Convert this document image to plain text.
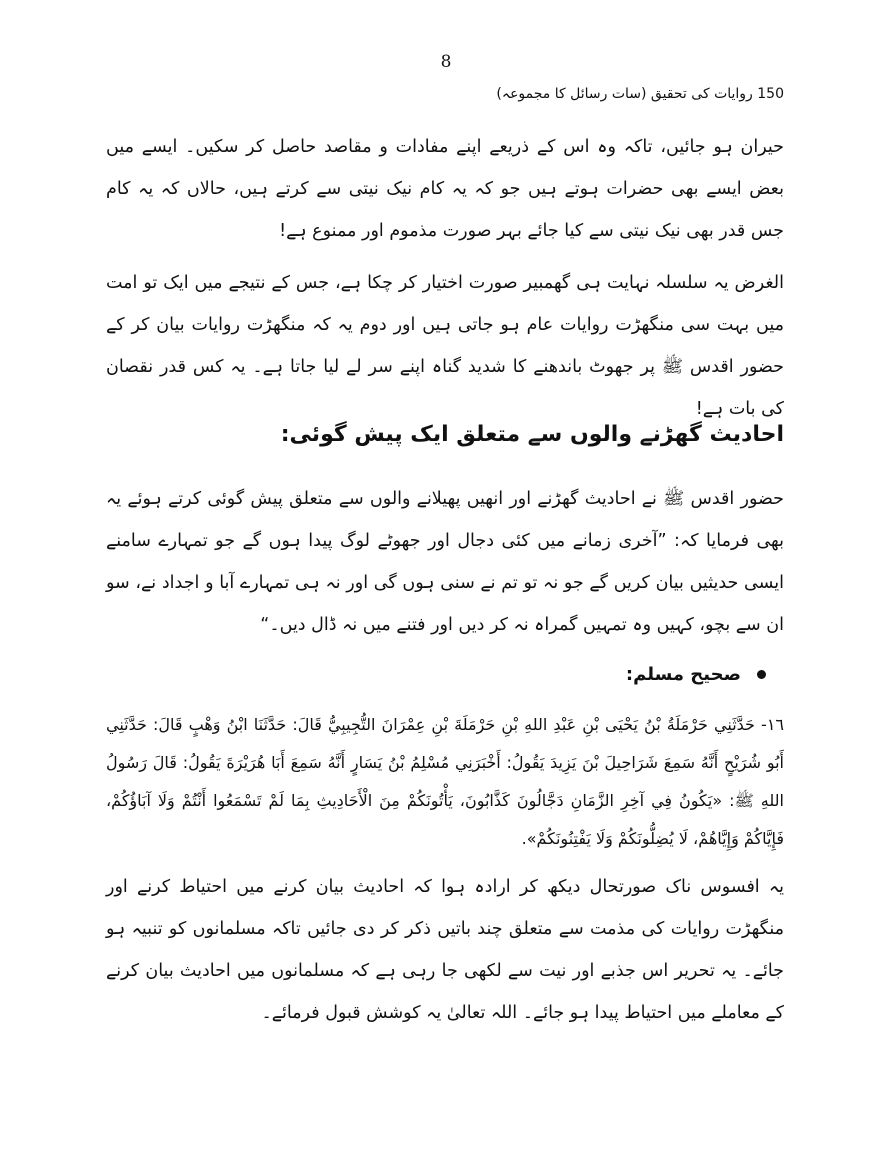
8
150 روایات کی تحقیق (سات رسائل کا مجموعہ)

حیران ہو جائیں، تاکہ وہ اس کے ذریعے اپنے مفادات و مقاصد حاصل کر سکیں۔ ایسے میں بعض ایسے بھی حضرات ہوتے ہیں جو کہ یہ کام نیک نیتی سے کرتے ہیں، حالاں کہ یہ کام جس قدر بھی نیک نیتی سے کیا جائے بہر صورت مذموم اور ممنوع ہے!

الغرض یہ سلسلہ نہایت ہی گھمبیر صورت اختیار کر چکا ہے، جس کے نتیجے میں ایک تو امت میں بہت سی منگھڑت روایات عام ہو جاتی ہیں اور دوم یہ کہ منگھڑت روایات بیان کر کے حضور اقدس ﷺ پر جھوٹ باندھنے کا شدید گناہ اپنے سر لے لیا جاتا ہے۔ یہ کس قدر نقصان کی بات ہے!

احادیث گھڑنے والوں سے متعلق ایک پیش گوئی:

حضور اقدس ﷺ نے احادیث گھڑنے اور انھیں پھیلانے والوں سے متعلق پیش گوئی کرتے ہوئے یہ بھی فرمایا کہ: ”آخری زمانے میں کئی دجال اور جھوٹے لوگ پیدا ہوں گے جو تمہارے سامنے ایسی حدیثیں بیان کریں گے جو نہ تو تم نے سنی ہوں گی اور نہ ہی تمہارے آبا و اجداد نے، سو ان سے بچو، کہیں وہ تمہیں گمراہ نہ کر دیں اور فتنے میں نہ ڈال دیں۔“

صحیح مسلم:

١٦- حَدَّثَنِي حَرْمَلَةُ بْنُ يَحْيَى بْنِ عَبْدِ اللهِ بْنِ حَرْمَلَةَ بْنِ عِمْرَانَ التُّجِيبِيُّ قَالَ: حَدَّثَنَا ابْنُ وَهْبٍ قَالَ: حَدَّثَنِي أَبُو شُرَيْحٍ أَنَّهُ سَمِعَ شَرَاحِيلَ بْنَ يَزِيدَ يَقُولُ: أَخْبَرَنِي مُسْلِمُ بْنُ يَسَارٍ أَنَّهُ سَمِعَ أَبَا هُرَيْرَةَ يَقُولُ: قَالَ رَسُولُ اللهِ ﷺ: «يَكُونُ فِي آخِرِ الزَّمَانِ دَجَّالُونَ كَذَّابُونَ، يَأْتُونَكُمْ مِنَ الْأَحَادِيثِ بِمَا لَمْ تَسْمَعُوا أَنْتُمْ وَلَا آبَاؤُكُمْ، فَإِيَّاكُمْ وَإِيَّاهُمْ، لَا يُضِلُّونَكُمْ وَلَا يَفْتِنُونَكُمْ».

یہ افسوس ناک صورتحال دیکھ کر ارادہ ہوا کہ احادیث بیان کرنے میں احتیاط کرنے اور منگھڑت روایات کی مذمت سے متعلق چند باتیں ذکر کر دی جائیں تاکہ مسلمانوں کو تنبیہ ہو جائے۔ یہ تحریر اس جذبے اور نیت سے لکھی جا رہی ہے کہ مسلمانوں میں احادیث بیان کرنے کے معاملے میں احتیاط پیدا ہو جائے۔ اللہ تعالیٰ یہ کوشش قبول فرمائے۔
